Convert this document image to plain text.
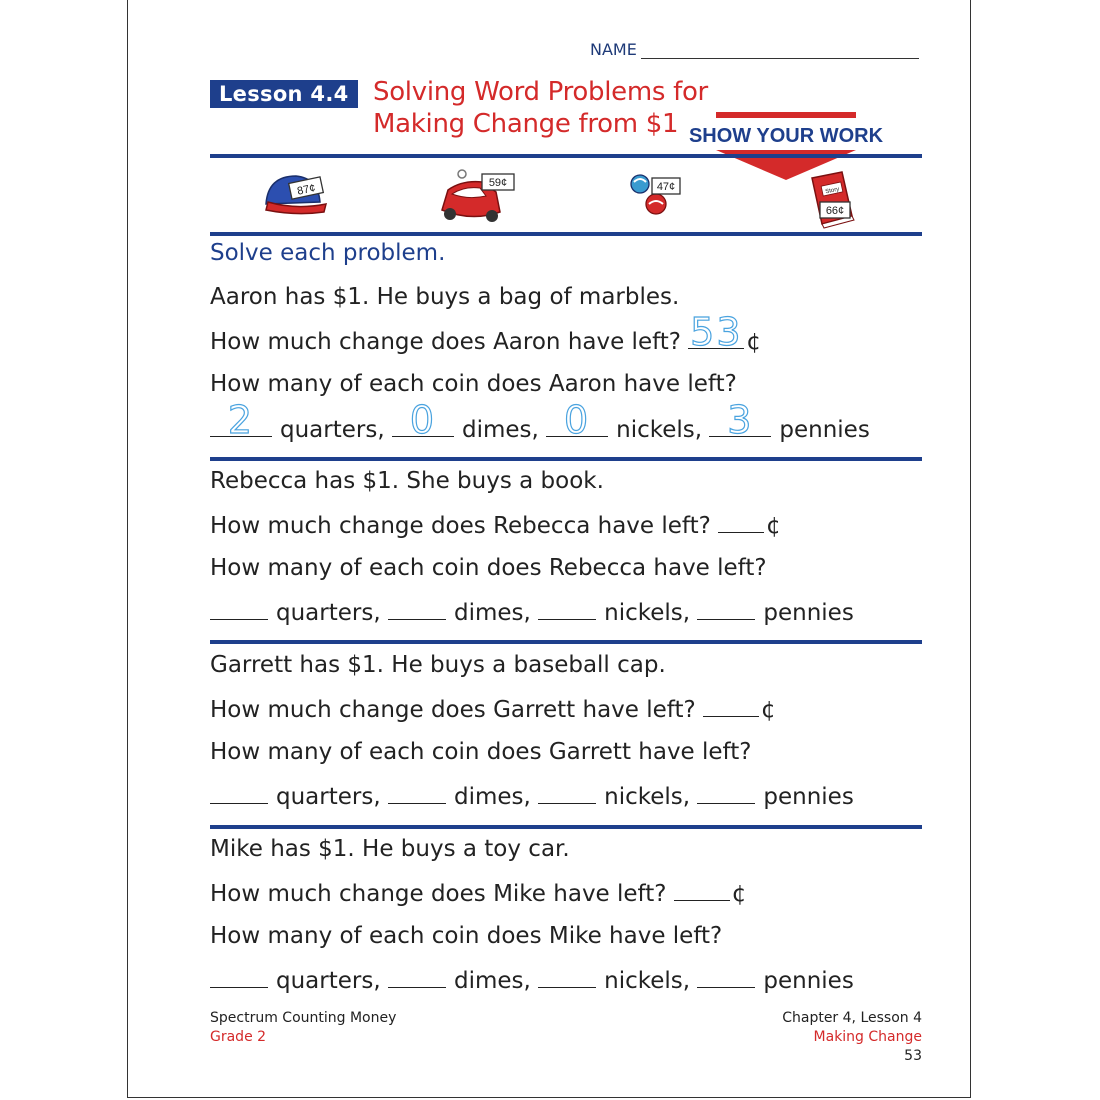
NAME
Lesson 4.4 Solving Word Problems for
Making Change from $1 SHOW YOUR WORK
87¢	59¢	47¢	Story
66¢
Solve each problem.
Aaron has $1. He buys a bag of marbles.
How much change does Aaron have left?
53 ¢
How many of each coin does Aaron have left?
2	quarters,
0	dimes,
0	nickels,
3	pennies
Rebecca has $1. She buys a book.
How much change does Rebecca have left?
¢
How many of each coin does Rebecca have left?
quarters,
	dimes,
	nickels,
	pennies
Garrett has $1. He buys a baseball cap.
How much change does Garrett have left?
	¢
How many of each coin does Garrett have left?
quarters,
	dimes,
	nickels,
	pennies
Mike has $1. He buys a toy car.
How much change does Mike have left?
	¢
How many of each coin does Mike have left?
quarters,
	dimes,
	nickels,
	pennies
Spectrum Counting Money
Grade 2
Chapter 4, Lesson 4
Making Change
53
